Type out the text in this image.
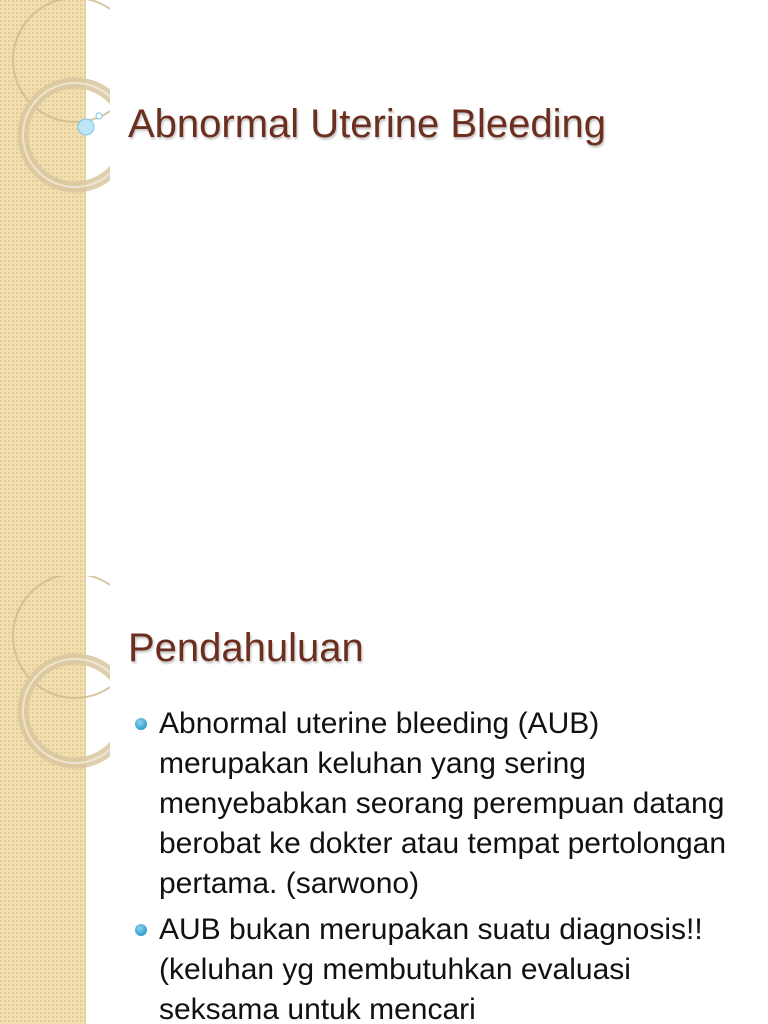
Abnormal Uterine Bleeding
Pendahuluan
Abnormal uterine bleeding (AUB) merupakan keluhan yang sering menyebabkan seorang perempuan datang berobat ke dokter atau tempat pertolongan pertama. (sarwono)
AUB bukan merupakan suatu diagnosis!! (keluhan yg membutuhkan evaluasi seksama untuk mencari
